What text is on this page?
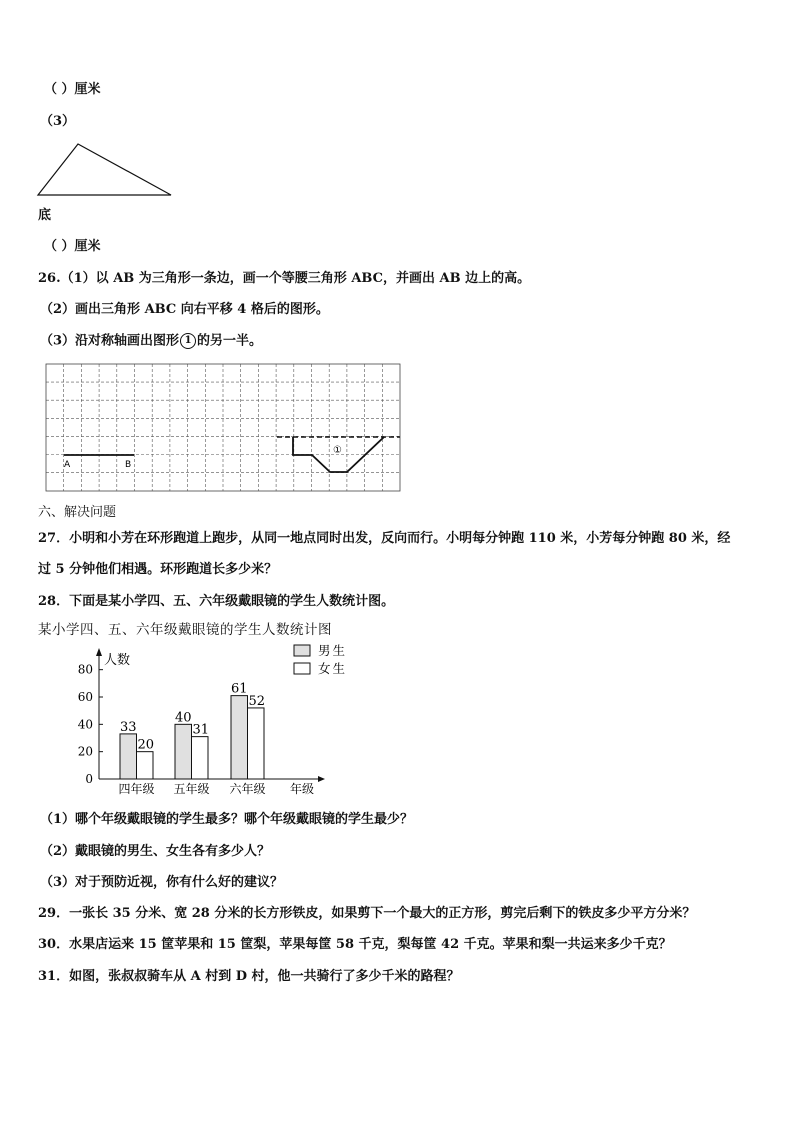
（ ）厘米
（3）
底
（ ）厘米
26.（1）以 AB 为三角形一条边，画一个等腰三角形 ABC，并画出 AB 边上的高。
（2）画出三角形 ABC 向右平移 4 格后的图形。
（3）沿对称轴画出图形 1 的另一半。
A	B
①
六、解决问题
27．小明和小芳在环形跑道上跑步，从同一地点同时出发，反向而行。小明每分钟跑 110 米，小芳每分钟跑 80 米，经
过 5 分钟他们相遇。环形跑道长多少米？
28．下面是某小学四、五、六年级戴眼镜的学生人数统计图。
某小学四、五、六年级戴眼镜的学生人数统计图
人数
年级
0
20
40
60
80
33
20
四年级
40
31
五年级
61
52
六年级
男生
女生
（1）哪个年级戴眼镜的学生最多？哪个年级戴眼镜的学生最少？
（2）戴眼镜的男生、女生各有多少人？
（3）对于预防近视，你有什么好的建议？
29．一张长 35 分米、宽 28 分米的长方形铁皮，如果剪下一个最大的正方形，剪完后剩下的铁皮多少平方分米？
30．水果店运来 15 筐苹果和 15 筐梨，苹果每筐 58 千克，梨每筐 42 千克。苹果和梨一共运来多少千克？
31．如图，张叔叔骑车从 A 村到 D 村，他一共骑行了多少千米的路程？
